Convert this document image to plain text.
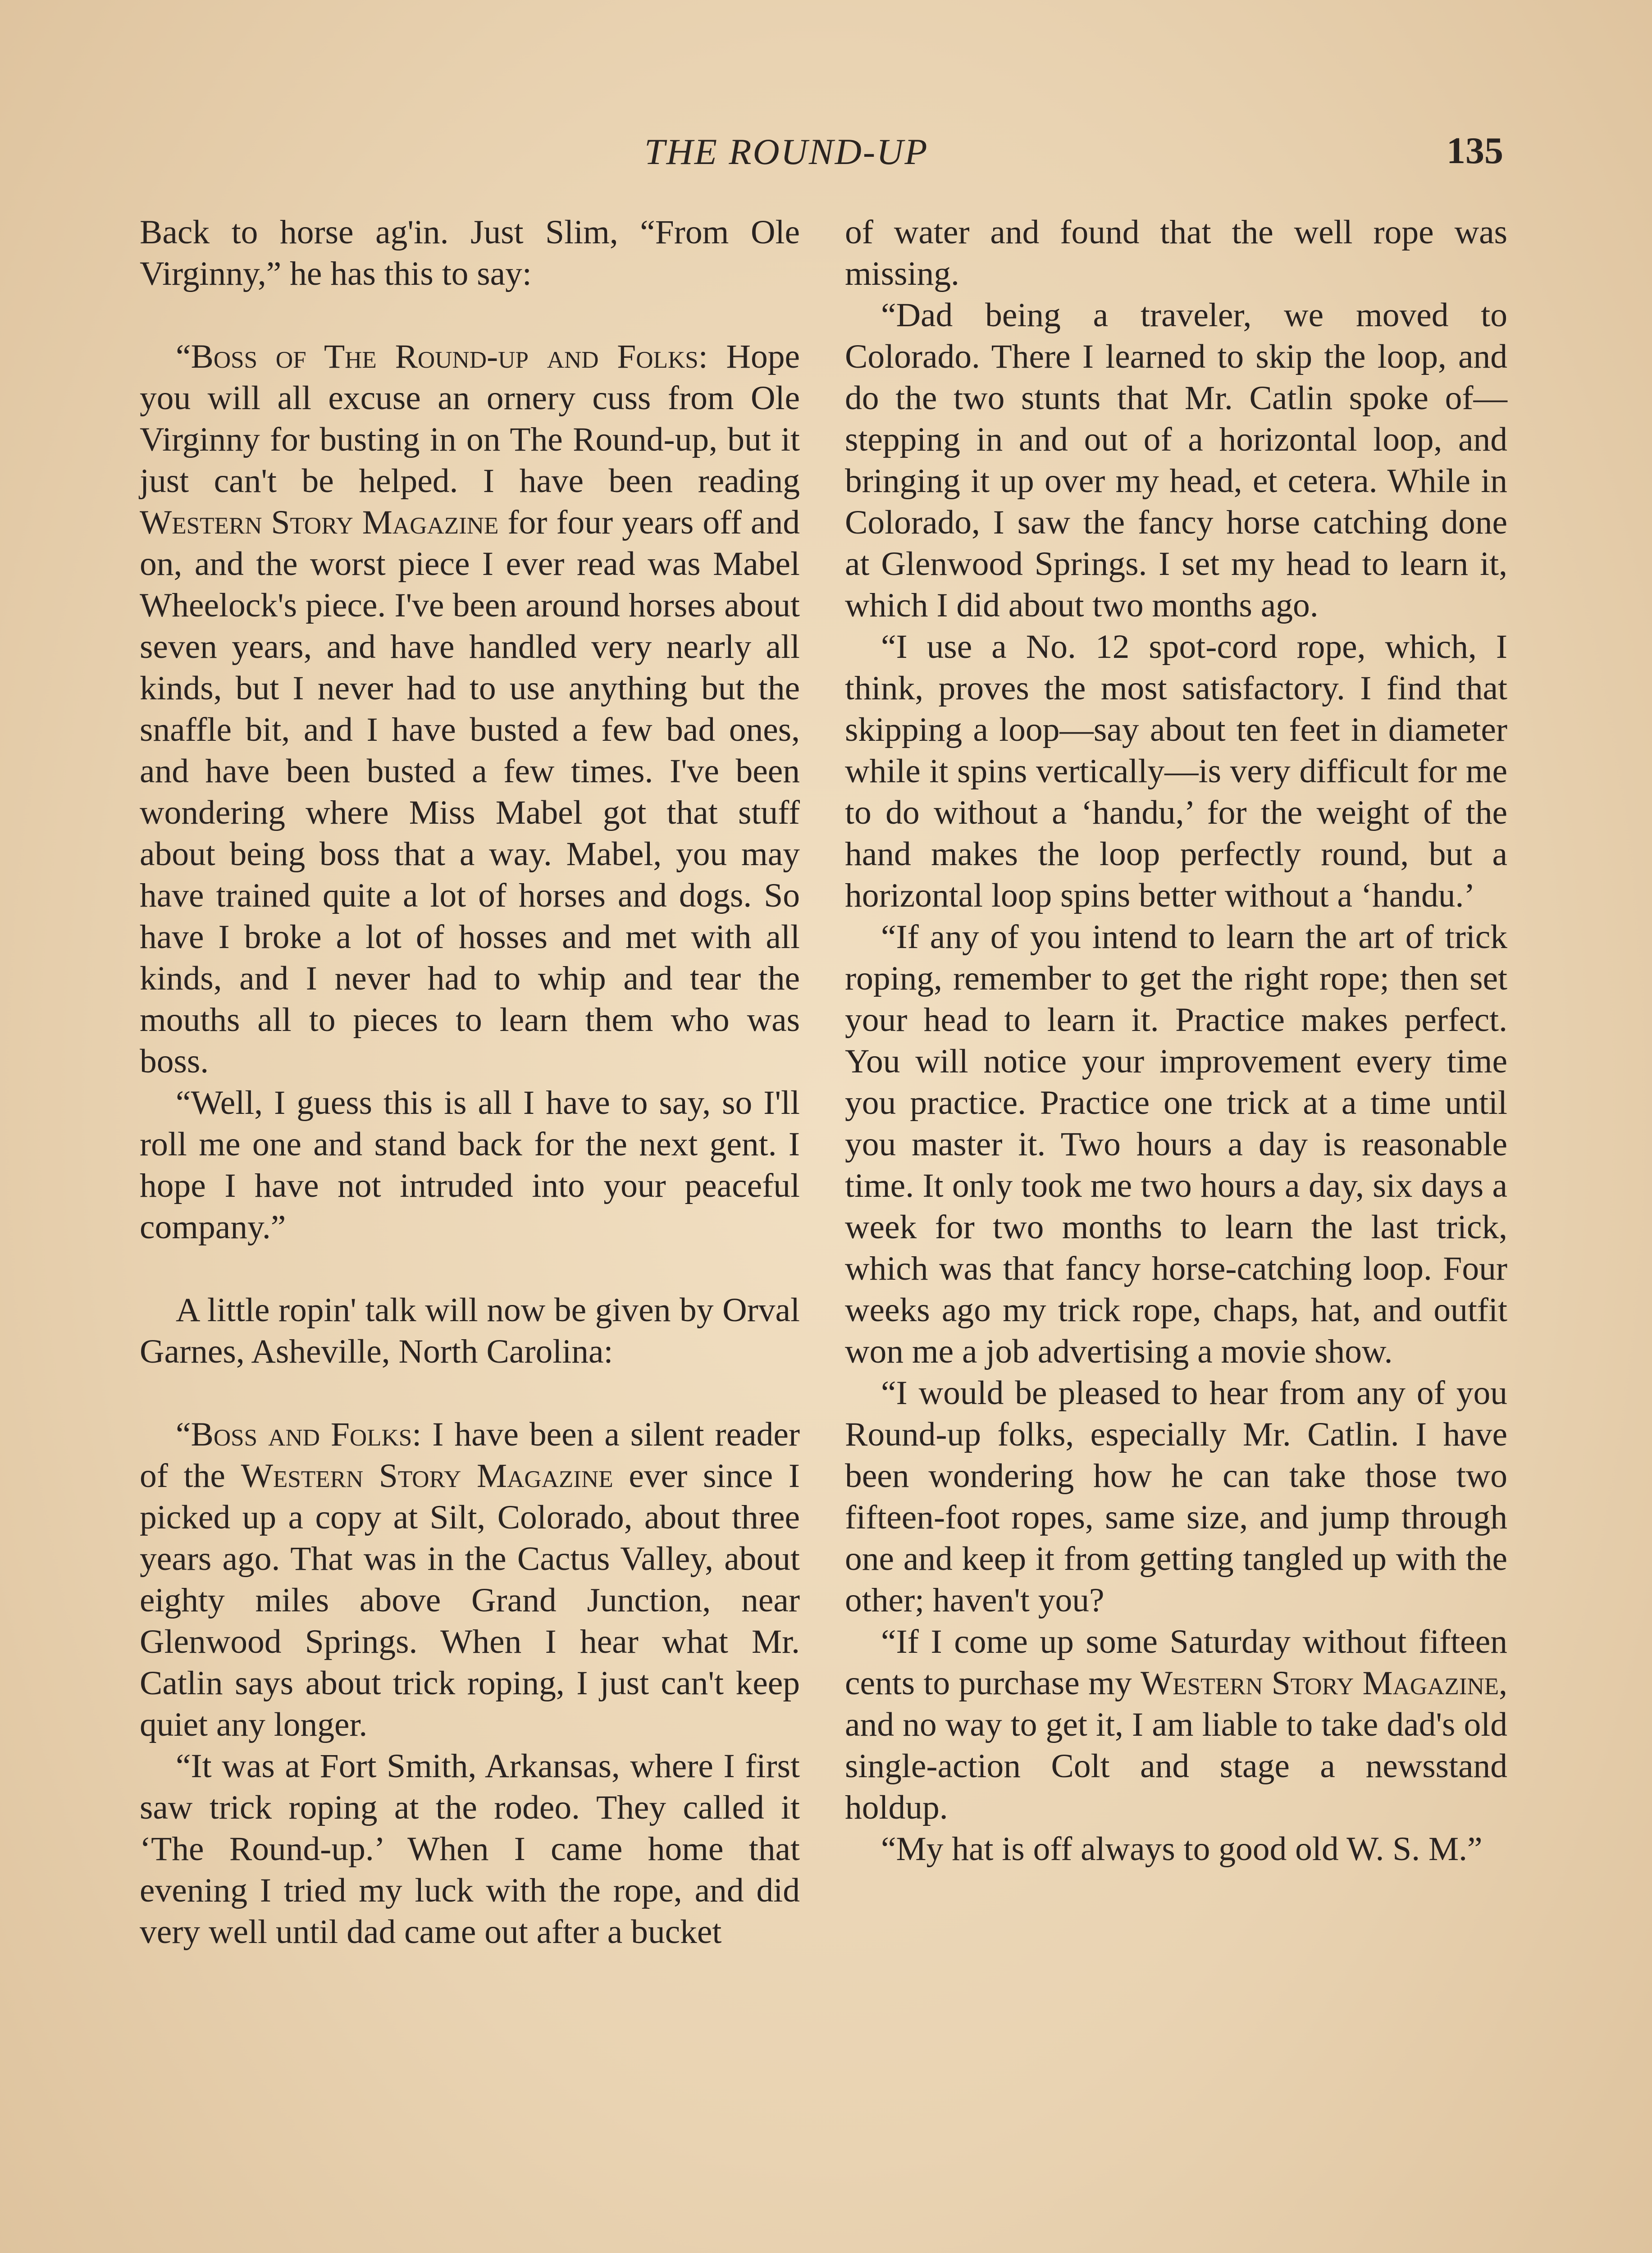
THE ROUND-UP	135

Back to horse ag'in. Just Slim, “From Ole Virginny,” he has this to say:

“Boss of The Round-up and Folks: Hope you will all excuse an ornery cuss from Ole Virginny for busting in on The Round-up, but it just can't be helped. I have been reading Western Story Magazine for four years off and on, and the worst piece I ever read was Mabel Wheelock's piece. I've been around horses about seven years, and have handled very nearly all kinds, but I never had to use anything but the snaffle bit, and I have busted a few bad ones, and have been busted a few times. I've been wondering where Miss Mabel got that stuff about being boss that a way. Mabel, you may have trained quite a lot of horses and dogs. So have I broke a lot of hosses and met with all kinds, and I never had to whip and tear the mouths all to pieces to learn them who was boss.

“Well, I guess this is all I have to say, so I'll roll me one and stand back for the next gent. I hope I have not intruded into your peaceful company.”

A little ropin' talk will now be given by Orval Garnes, Asheville, North Carolina:

“Boss and Folks: I have been a silent reader of the Western Story Magazine ever since I picked up a copy at Silt, Colorado, about three years ago. That was in the Cactus Valley, about eighty miles above Grand Junction, near Glenwood Springs. When I hear what Mr. Catlin says about trick roping, I just can't keep quiet any longer.

“It was at Fort Smith, Arkansas, where I first saw trick roping at the rodeo. They called it ‘The Round-up.’ When I came home that evening I tried my luck with the rope, and did very well until dad came out after a bucket

of water and found that the well rope was missing.

“Dad being a traveler, we moved to Colorado. There I learned to skip the loop, and do the two stunts that Mr. Catlin spoke of—stepping in and out of a horizontal loop, and bringing it up over my head, et cetera. While in Colorado, I saw the fancy horse catching done at Glenwood Springs. I set my head to learn it, which I did about two months ago.

“I use a No. 12 spot-cord rope, which, I think, proves the most satisfactory. I find that skipping a loop—say about ten feet in diameter while it spins vertically—is very difficult for me to do without a ‘handu,’ for the weight of the hand makes the loop perfectly round, but a horizontal loop spins better without a ‘handu.’

“If any of you intend to learn the art of trick roping, remember to get the right rope; then set your head to learn it. Practice makes perfect. You will notice your improvement every time you practice. Practice one trick at a time until you master it. Two hours a day is reasonable time. It only took me two hours a day, six days a week for two months to learn the last trick, which was that fancy horse-catching loop. Four weeks ago my trick rope, chaps, hat, and outfit won me a job advertising a movie show.

“I would be pleased to hear from any of you Round-up folks, especially Mr. Catlin. I have been wondering how he can take those two fifteen-foot ropes, same size, and jump through one and keep it from getting tangled up with the other; haven't you?

“If I come up some Saturday without fifteen cents to purchase my Western Story Magazine, and no way to get it, I am liable to take dad's old single-action Colt and stage a newsstand holdup.

“My hat is off always to good old W. S. M.”
